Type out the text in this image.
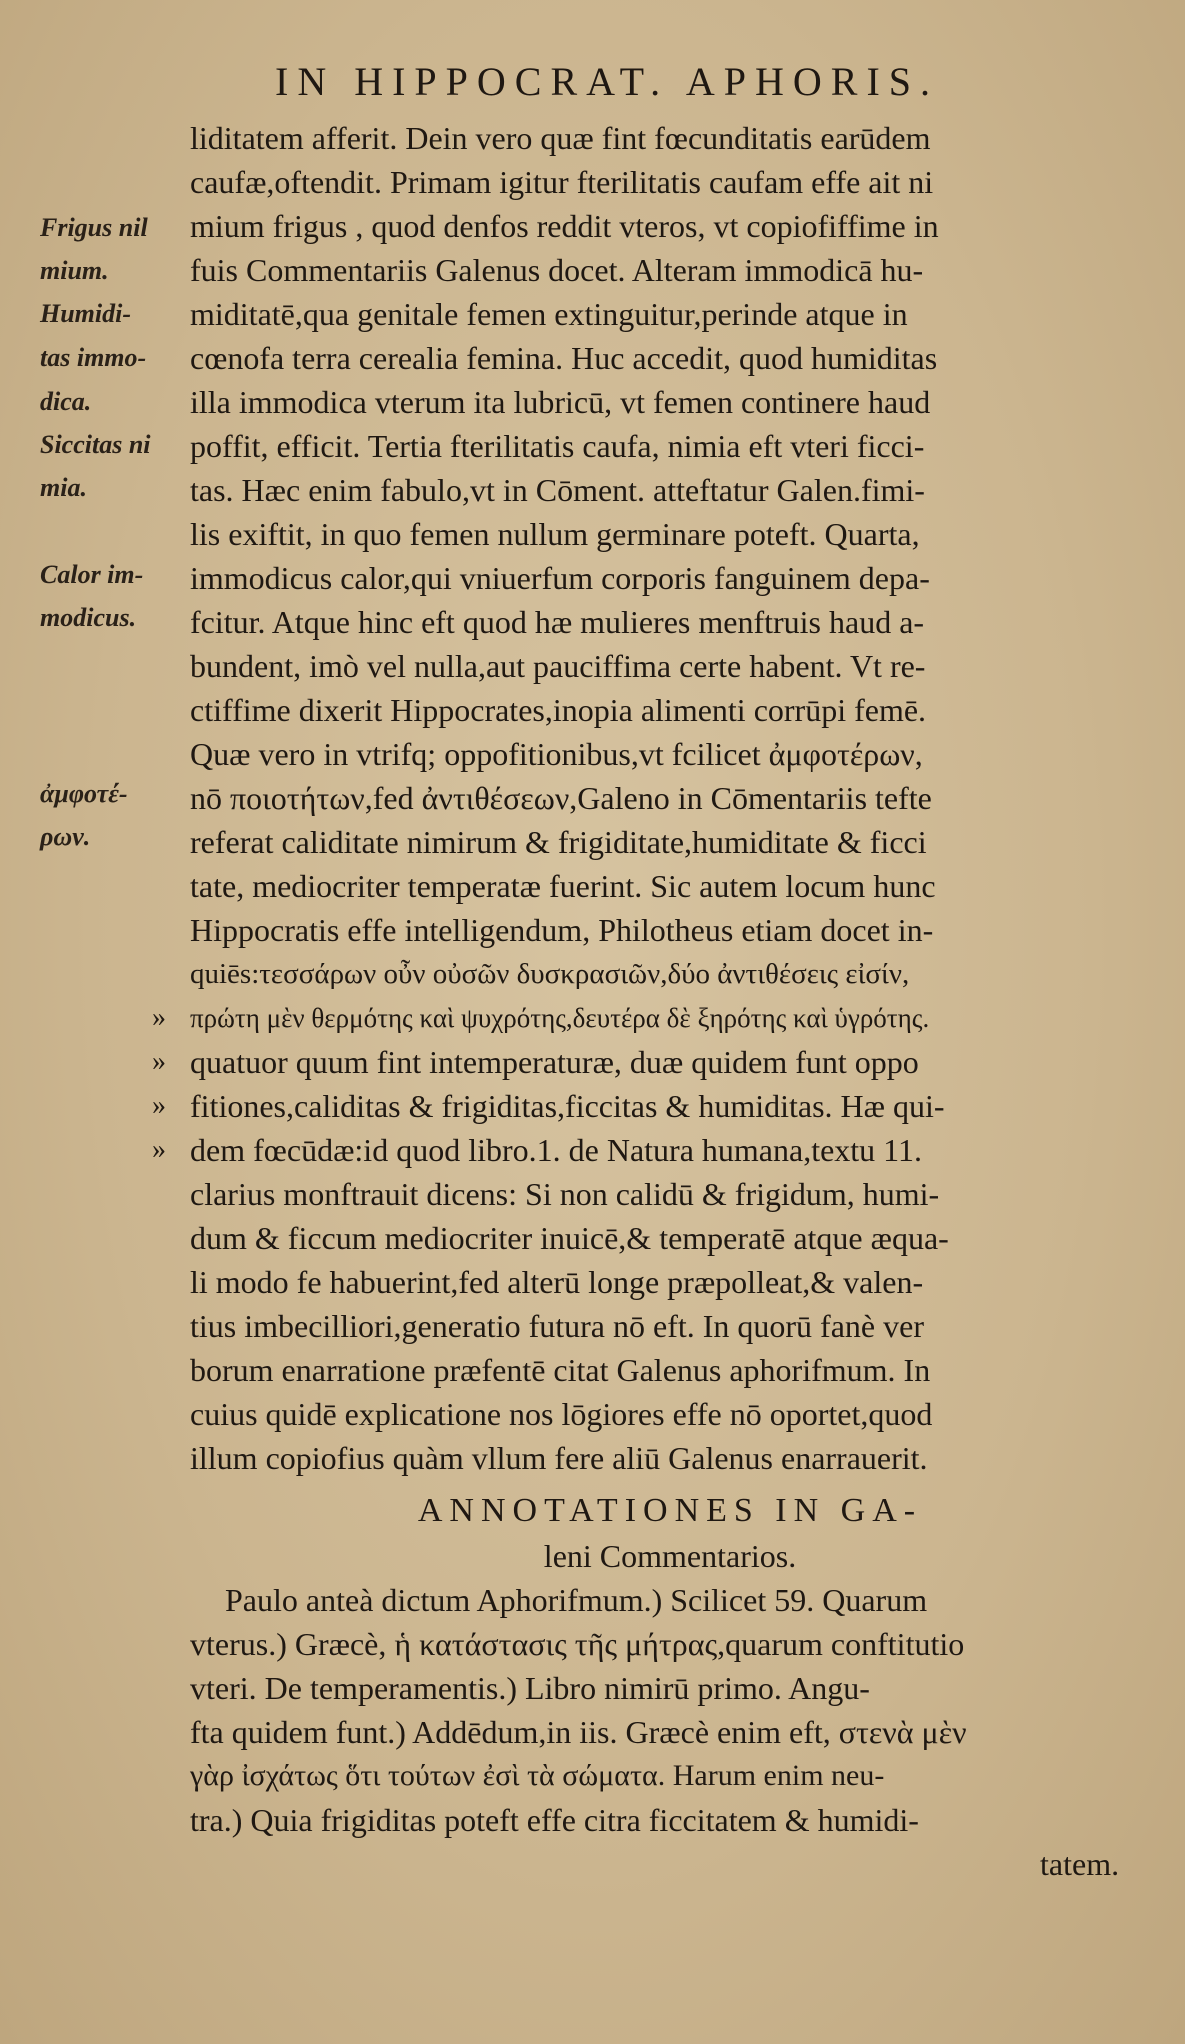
IN HIPPOCRAT. APHORIS.
Frigus nil
mium.
Humidi-
tas immo-
dica.
Siccitas ni
mia.
Calor im-
modicus.
ἀμφοτέ-
ρων.
liditatem afferit. Dein vero quæ fint fœcunditatis earūdem
caufæ,oftendit. Primam igitur fterilitatis caufam effe ait ni
mium frigus , quod denfos reddit vteros, vt copiofiffime in
fuis Commentariis Galenus docet. Alteram immodicā hu-
miditatē,qua genitale femen extinguitur,perinde atque in
cœnofa terra cerealia femina. Huc accedit, quod humiditas
illa immodica vterum ita lubricū, vt femen continere haud
poffit, efficit. Tertia fterilitatis caufa, nimia eft vteri ficci-
tas. Hæc enim fabulo,vt in Cōment. atteftatur Galen.fimi-
lis exiftit, in quo femen nullum germinare poteft. Quarta,
immodicus calor,qui vniuerfum corporis fanguinem depa-
fcitur. Atque hinc eft quod hæ mulieres menftruis haud a-
bundent, imò vel nulla,aut pauciffima certe habent. Vt re-
ctiffime dixerit Hippocrates,inopia alimenti corrūpi femē.
Quæ vero in vtrifq; oppofitionibus,vt fcilicet ἀμφοτέρων,
nō ποιοτήτων,fed ἀντιθέσεων,Galeno in Cōmentariis tefte
referat caliditate nimirum & frigiditate,humiditate & ficci
tate, mediocriter temperatæ fuerint. Sic autem locum hunc
Hippocratis effe intelligendum, Philotheus etiam docet in-
quiēs:τεσσάρων οὖν οὐσῶν δυσκρασιῶν,δύο ἀντιθέσεις εἰσίν,
πρώτη μὲν θερμότης καὶ ψυχρότης,δευτέρα δὲ ξηρότης καὶ ὑγρότης.
quatuor quum fint intemperaturæ, duæ quidem funt oppo
fitiones,caliditas & frigiditas,ficcitas & humiditas. Hæ qui-
dem fœcūdæ:id quod libro.1. de Natura humana,textu 11.
clarius monftrauit dicens: Si non calidū & frigidum, humi-
dum & ficcum mediocriter inuicē,& temperatē atque æqua-
li modo fe habuerint,fed alterū longe præpolleat,& valen-
tius imbecilliori,generatio futura nō eft. In quorū fanè ver
borum enarratione præfentē citat Galenus aphorifmum. In
cuius quidē explicatione nos lōgiores effe nō oportet,quod
illum copiofius quàm vllum fere aliū Galenus enarrauerit.
»
»
»
»
ANNOTATIONES IN GA-
leni Commentarios.
Paulo anteà dictum Aphorifmum.) Scilicet 59. Quarum
vterus.) Græcè, ἡ κατάστασις τῆς μήτρας,quarum conftitutio
vteri. De temperamentis.) Libro nimirū primo. Angu-
fta quidem funt.) Addēdum,in iis. Græcè enim eft, στενὰ μὲν
γὰρ ἰσχάτως ὅτι τούτων ἐσὶ τὰ σώματα. Harum enim neu-
tra.) Quia frigiditas poteft effe citra ficcitatem & humidi-
tatem.
